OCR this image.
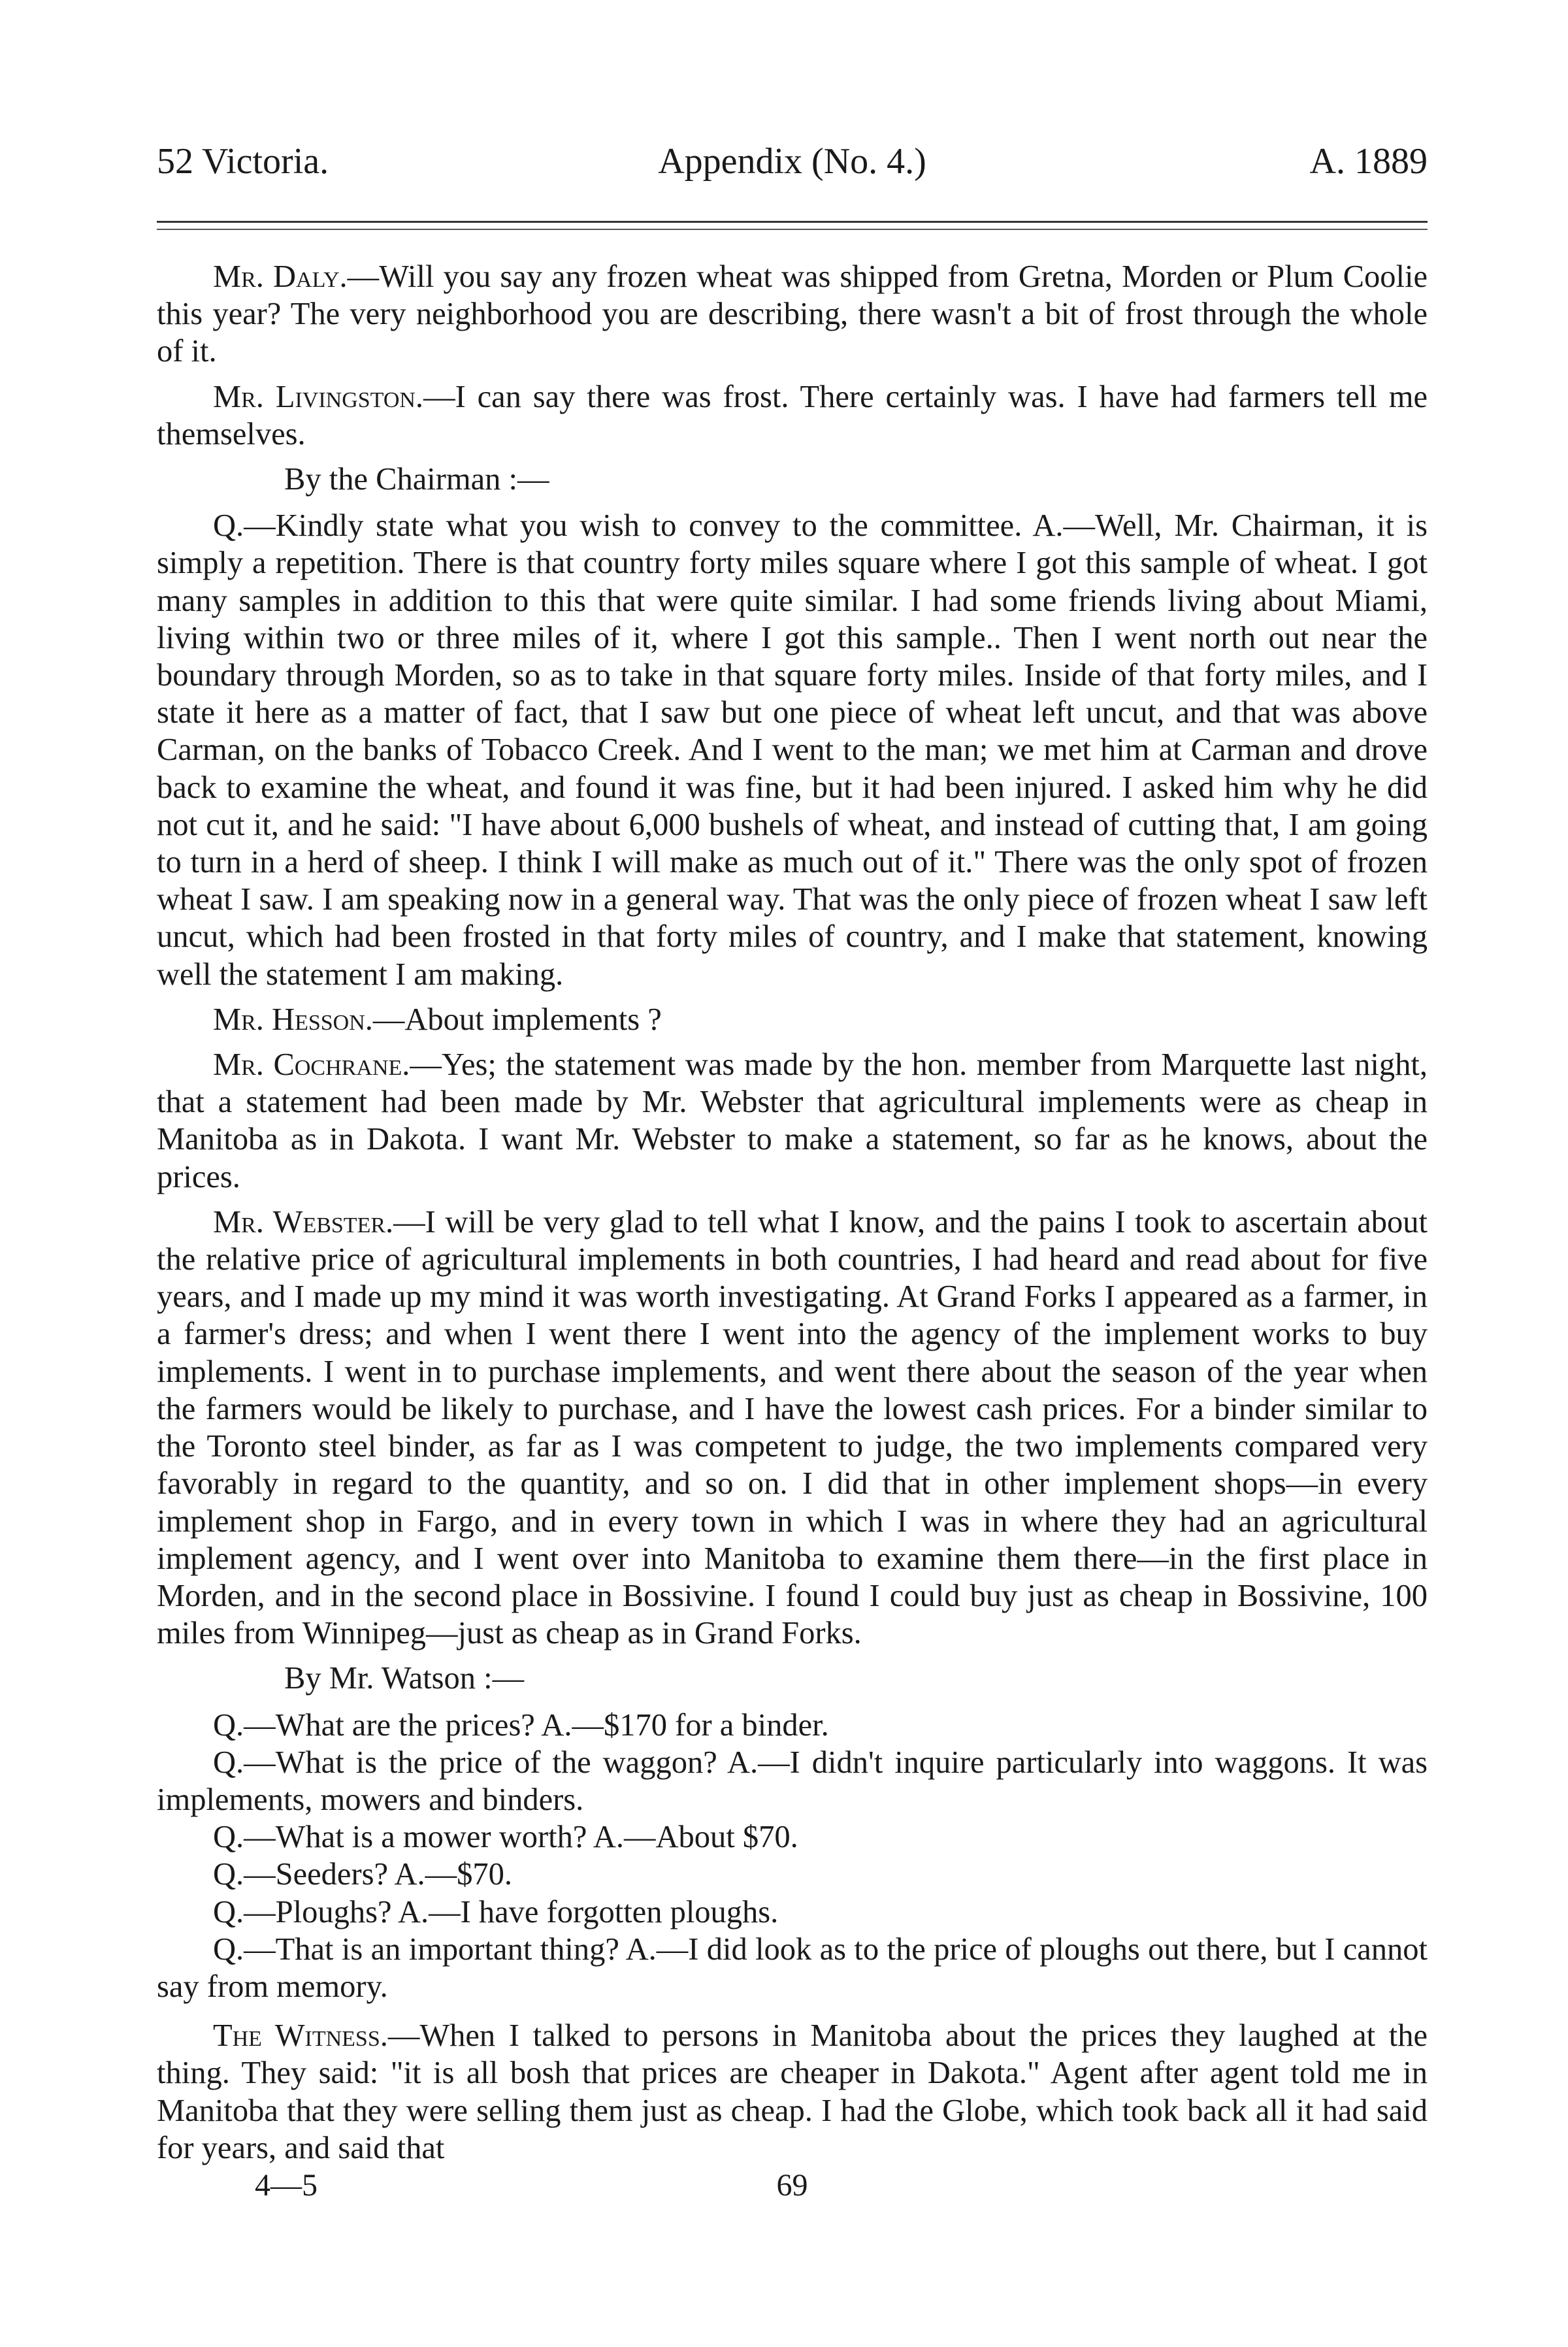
52 Victoria.	Appendix (No. 4.)	A. 1889

Mr. Daly.—Will you say any frozen wheat was shipped from Gretna, Morden or Plum Coolie this year? The very neighborhood you are describing, there wasn't a bit of frost through the whole of it.

Mr. Livingston.—I can say there was frost. There certainly was. I have had farmers tell me themselves.

By the Chairman :—

Q.—Kindly state what you wish to convey to the committee. A.—Well, Mr. Chairman, it is simply a repetition. There is that country forty miles square where I got this sample of wheat. I got many samples in addition to this that were quite similar. I had some friends living about Miami, living within two or three miles of it, where I got this sample.. Then I went north out near the boundary through Morden, so as to take in that square forty miles. Inside of that forty miles, and I state it here as a matter of fact, that I saw but one piece of wheat left uncut, and that was above Carman, on the banks of Tobacco Creek. And I went to the man; we met him at Carman and drove back to examine the wheat, and found it was fine, but it had been injured. I asked him why he did not cut it, and he said: "I have about 6,000 bushels of wheat, and instead of cutting that, I am going to turn in a herd of sheep. I think I will make as much out of it." There was the only spot of frozen wheat I saw. I am speaking now in a general way. That was the only piece of frozen wheat I saw left uncut, which had been frosted in that forty miles of country, and I make that statement, knowing well the statement I am making.

Mr. Hesson.—About implements ?

Mr. Cochrane.—Yes; the statement was made by the hon. member from Marquette last night, that a statement had been made by Mr. Webster that agricultural implements were as cheap in Manitoba as in Dakota. I want Mr. Webster to make a statement, so far as he knows, about the prices.

Mr. Webster.—I will be very glad to tell what I know, and the pains I took to ascertain about the relative price of agricultural implements in both countries, I had heard and read about for five years, and I made up my mind it was worth investigating. At Grand Forks I appeared as a farmer, in a farmer's dress; and when I went there I went into the agency of the implement works to buy implements. I went in to purchase implements, and went there about the season of the year when the farmers would be likely to purchase, and I have the lowest cash prices. For a binder similar to the Toronto steel binder, as far as I was competent to judge, the two implements compared very favorably in regard to the quantity, and so on. I did that in other implement shops—in every implement shop in Fargo, and in every town in which I was in where they had an agricultural implement agency, and I went over into Manitoba to examine them there—in the first place in Morden, and in the second place in Bossivine. I found I could buy just as cheap in Bossivine, 100 miles from Winnipeg—just as cheap as in Grand Forks.

By Mr. Watson :—

Q.—What are the prices? A.—$170 for a binder.

Q.—What is the price of the waggon? A.—I didn't inquire particularly into waggons. It was implements, mowers and binders.

Q.—What is a mower worth? A.—About $70.

Q.—Seeders? A.—$70.

Q.—Ploughs? A.—I have forgotten ploughs.

Q.—That is an important thing? A.—I did look as to the price of ploughs out there, but I cannot say from memory.

The Witness.—When I talked to persons in Manitoba about the prices they laughed at the thing. They said: "it is all bosh that prices are cheaper in Dakota." Agent after agent told me in Manitoba that they were selling them just as cheap. I had the Globe, which took back all it had said for years, and said that

4—5	69
